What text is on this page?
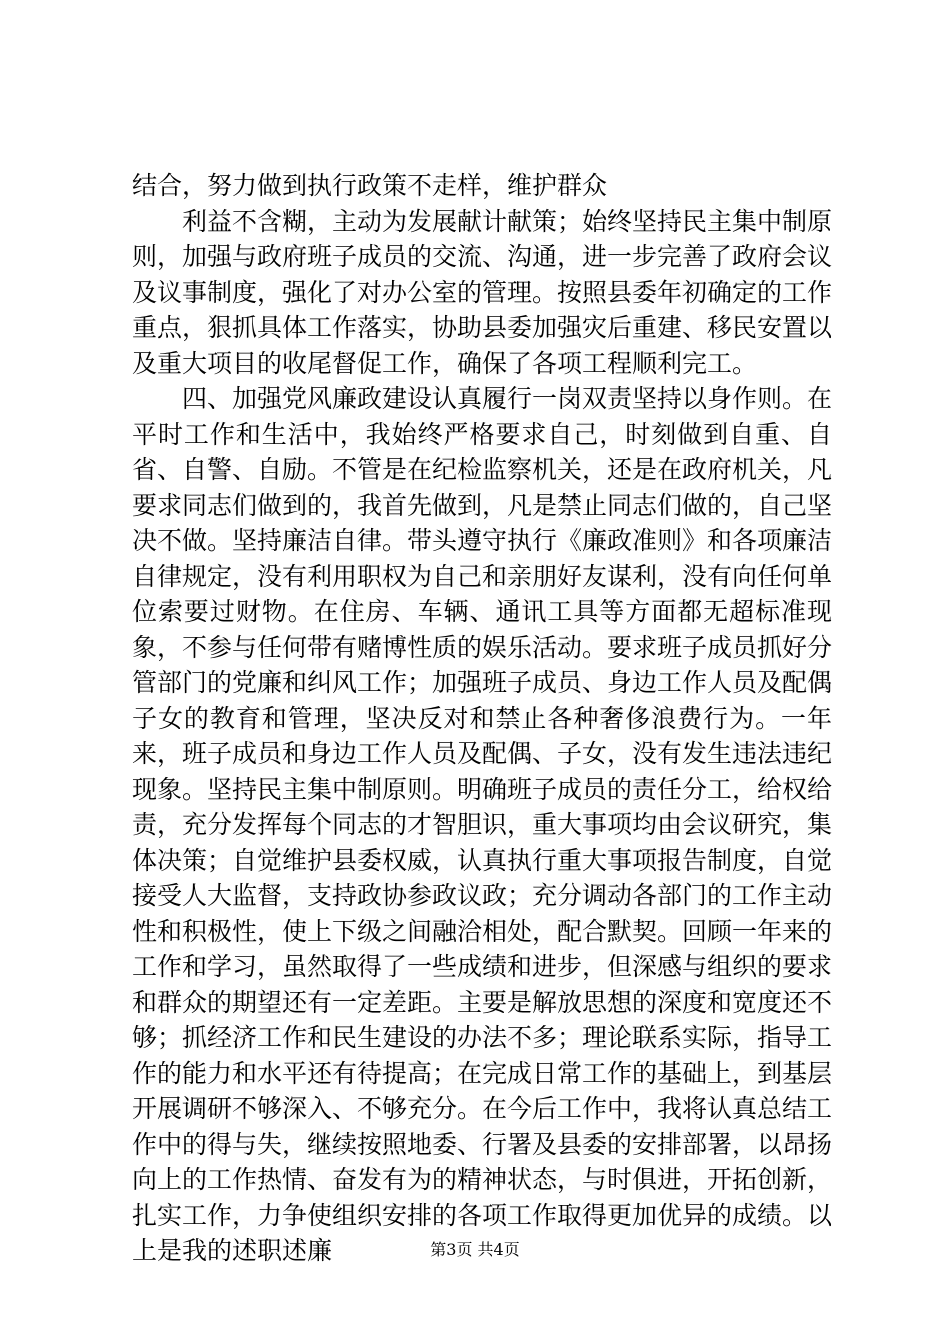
结合，努力做到执行政策不走样，维护群众

利益不含糊，主动为发展献计献策；始终坚持民主集中制原则，加强与政府班子成员的交流、沟通，进一步完善了政府会议及议事制度，强化了对办公室的管理。按照县委年初确定的工作重点，狠抓具体工作落实，协助县委加强灾后重建、移民安置以及重大项目的收尾督促工作，确保了各项工程顺利完工。

四、加强党风廉政建设认真履行一岗双责坚持以身作则。在平时工作和生活中，我始终严格要求自己，时刻做到自重、自省、自警、自励。不管是在纪检监察机关，还是在政府机关，凡要求同志们做到的，我首先做到，凡是禁止同志们做的，自己坚决不做。坚持廉洁自律。带头遵守执行《廉政准则》和各项廉洁自律规定，没有利用职权为自己和亲朋好友谋利，没有向任何单位索要过财物。在住房、车辆、通讯工具等方面都无超标准现象，不参与任何带有赌博性质的娱乐活动。要求班子成员抓好分管部门的党廉和纠风工作；加强班子成员、身边工作人员及配偶子女的教育和管理，坚决反对和禁止各种奢侈浪费行为。一年来，班子成员和身边工作人员及配偶、子女，没有发生违法违纪现象。坚持民主集中制原则。明确班子成员的责任分工，给权给责，充分发挥每个同志的才智胆识，重大事项均由会议研究，集体决策；自觉维护县委权威，认真执行重大事项报告制度，自觉接受人大监督，支持政协参政议政；充分调动各部门的工作主动性和积极性，使上下级之间融洽相处，配合默契。回顾一年来的工作和学习，虽然取得了一些成绩和进步，但深感与组织的要求和群众的期望还有一定差距。主要是解放思想的深度和宽度还不够；抓经济工作和民生建设的办法不多；理论联系实际，指导工作的能力和水平还有待提高；在完成日常工作的基础上，到基层开展调研不够深入、不够充分。在今后工作中，我将认真总结工作中的得与失，继续按照地委、行署及县委的安排部署，以昂扬向上的工作热情、奋发有为的精神状态，与时俱进，开拓创新，扎实工作，力争使组织安排的各项工作取得更加优异的成绩。以上是我的述职述廉	第3页 共4页
